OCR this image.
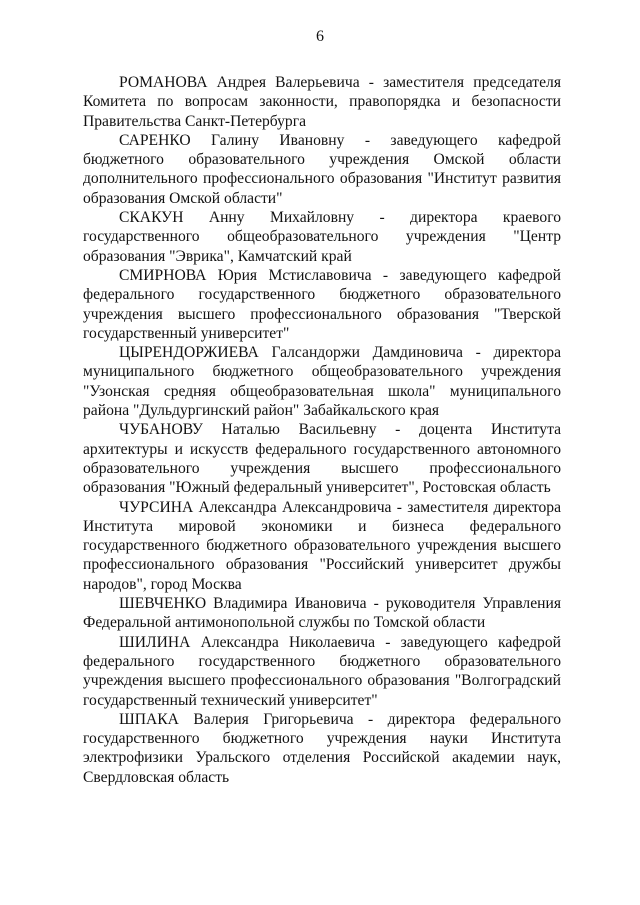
6

РОМАНОВА Андрея Валерьевича - заместителя председателя Комитета по вопросам законности, правопорядка и безопасности Правительства Санкт-Петербурга

САРЕНКО Галину Ивановну - заведующего кафедрой бюджетного образовательного учреждения Омской области дополнительного профессионального образования "Институт развития образования Омской области"

СКАКУН Анну Михайловну - директора краевого государственного общеобразовательного учреждения "Центр образования "Эврика", Камчатский край

СМИРНОВА Юрия Мстиславовича - заведующего кафедрой федерального государственного бюджетного образовательного учреждения высшего профессионального образования "Тверской государственный университет"

ЦЫРЕНДОРЖИЕВА Галсандоржи Дамдиновича - директора муниципального бюджетного общеобразовательного учреждения "Узонская средняя общеобразовательная школа" муниципального района "Дульдургинский район" Забайкальского края

ЧУБАНОВУ Наталью Васильевну - доцента Института архитектуры и искусств федерального государственного автономного образовательного учреждения высшего профессионального образования "Южный федеральный университет", Ростовская область

ЧУРСИНА Александра Александровича - заместителя директора Института мировой экономики и бизнеса федерального государственного бюджетного образовательного учреждения высшего профессионального образования "Российский университет дружбы народов", город Москва

ШЕВЧЕНКО Владимира Ивановича - руководителя Управления Федеральной антимонопольной службы по Томской области

ШИЛИНА Александра Николаевича - заведующего кафедрой федерального государственного бюджетного образовательного учреждения высшего профессионального образования "Волгоградский государственный технический университет"

ШПАКА Валерия Григорьевича - директора федерального государственного бюджетного учреждения науки Института электрофизики Уральского отделения Российской академии наук, Свердловская область
